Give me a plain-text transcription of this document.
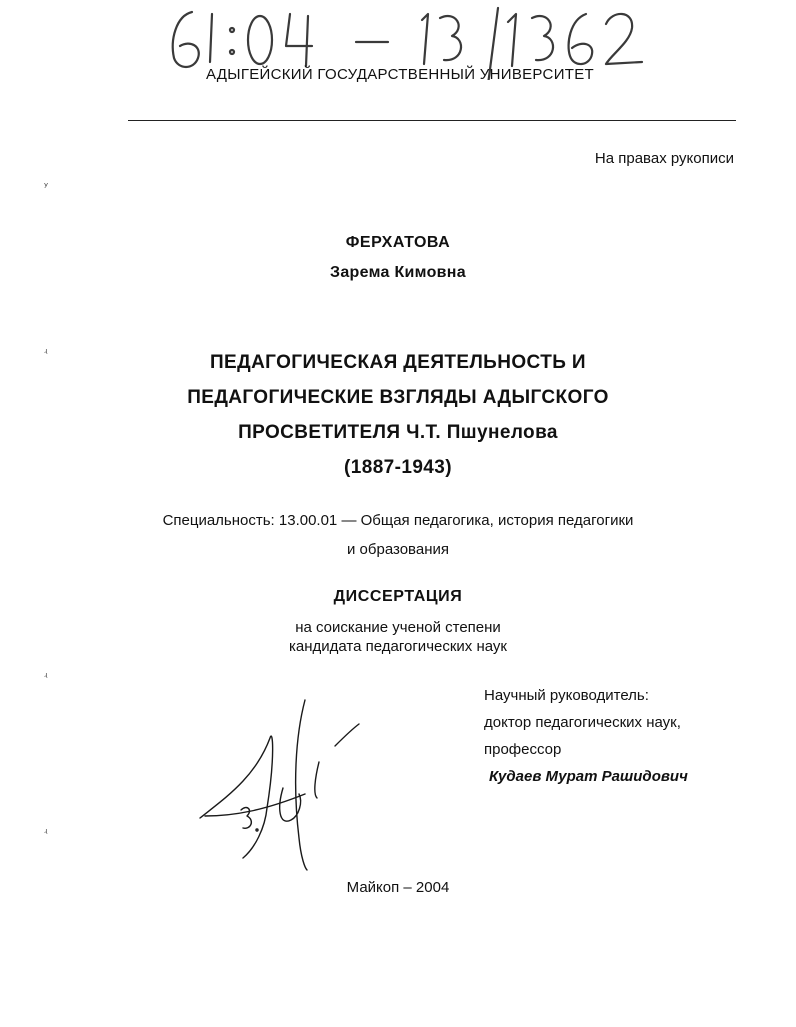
АДЫГЕЙСКИЙ ГОСУДАРСТВЕННЫЙ УНИВЕРСИТЕТ
На правах рукописи
ʸ
ʵ
ʵ
ʵ
ФЕРХАТОВА
Зарема Кимовна
ПЕДАГОГИЧЕСКАЯ ДЕЯТЕЛЬНОСТЬ И
ПЕДАГОГИЧЕСКИЕ ВЗГЛЯДЫ АДЫГСКОГО
ПРОСВЕТИТЕЛЯ Ч.Т. Пшунелова
(1887-1943)
Специальность: 13.00.01 — Общая педагогика, история педагогики
и образования
ДИССЕРТАЦИЯ
на соискание ученой степени
кандидата педагогических наук
Научный руководитель:
доктор педагогических наук,
профессор
Кудаев Мурат Рашидович
Майкоп – 2004
